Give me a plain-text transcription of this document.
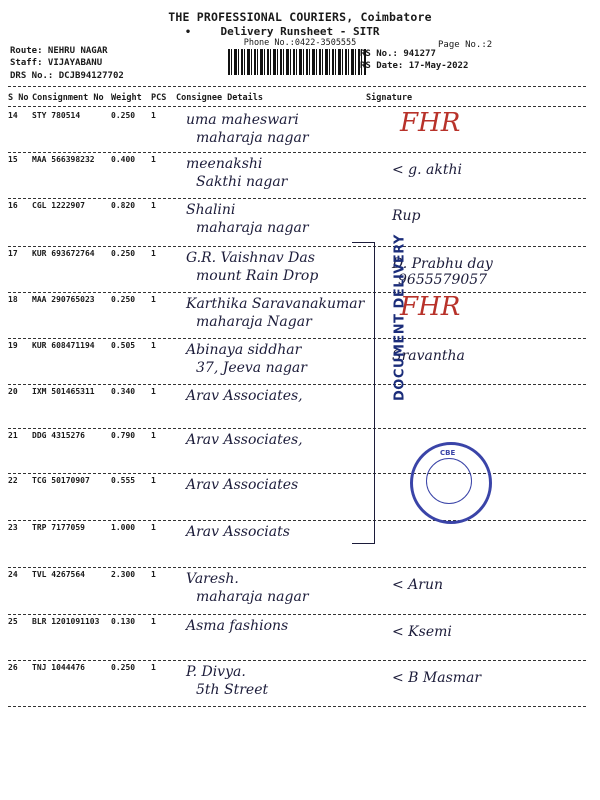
THE PROFESSIONAL COURIERS, Coimbatore
•	Delivery Runsheet - SITR
Phone No.:0422-3505555
Route: NEHRU NAGAR
Staff: VIJAYABANU
DRS No.: DCJB94127702
Page No.:2
RS No.: 941277
RS Date: 17-May-2022
S No Consignment No Weight PCS Consignee Details	Signature
14 STY 780514	0.250 1 uma maheswari
maharaja nagar	FHR
15 MAA 566398232 0.400 1 meenakshi
Sakthi nagar
< g. akthi
16 CGL 1222907	0.820 1 Shalini
maharaja nagar
Rup
17 KUR 693672764 0.250 1 G.R. Vaishnav Das
mount Rain Drop
D. Prabhu day
9655579057
18 MAA 290765023 0.250 1 Karthika Saravanakumar
maharaja Nagar	FHR
19 KUR 608471194 0.505 1 Abinaya siddhar
37, Jeeva nagar
Sravantha
20 IXM 501465311 0.340 1 Arav Associates,
21 DDG 4315276	0.790 1 Arav Associates,
22 TCG 50170907	0.555 1 Arav Associates
23 TRP 7177059	1.000 1 Arav Associats
24 TVL 4267564	2.300 1 Varesh.
maharaja nagar
< Arun
25 BLR 1201091103 0.130 1 Asma fashions	< Ksemi
26 TNJ 1044476	0.250 1 P. Divya.
5th Street
< B Masmar
DOCUMENT DELIVERY
CBE
